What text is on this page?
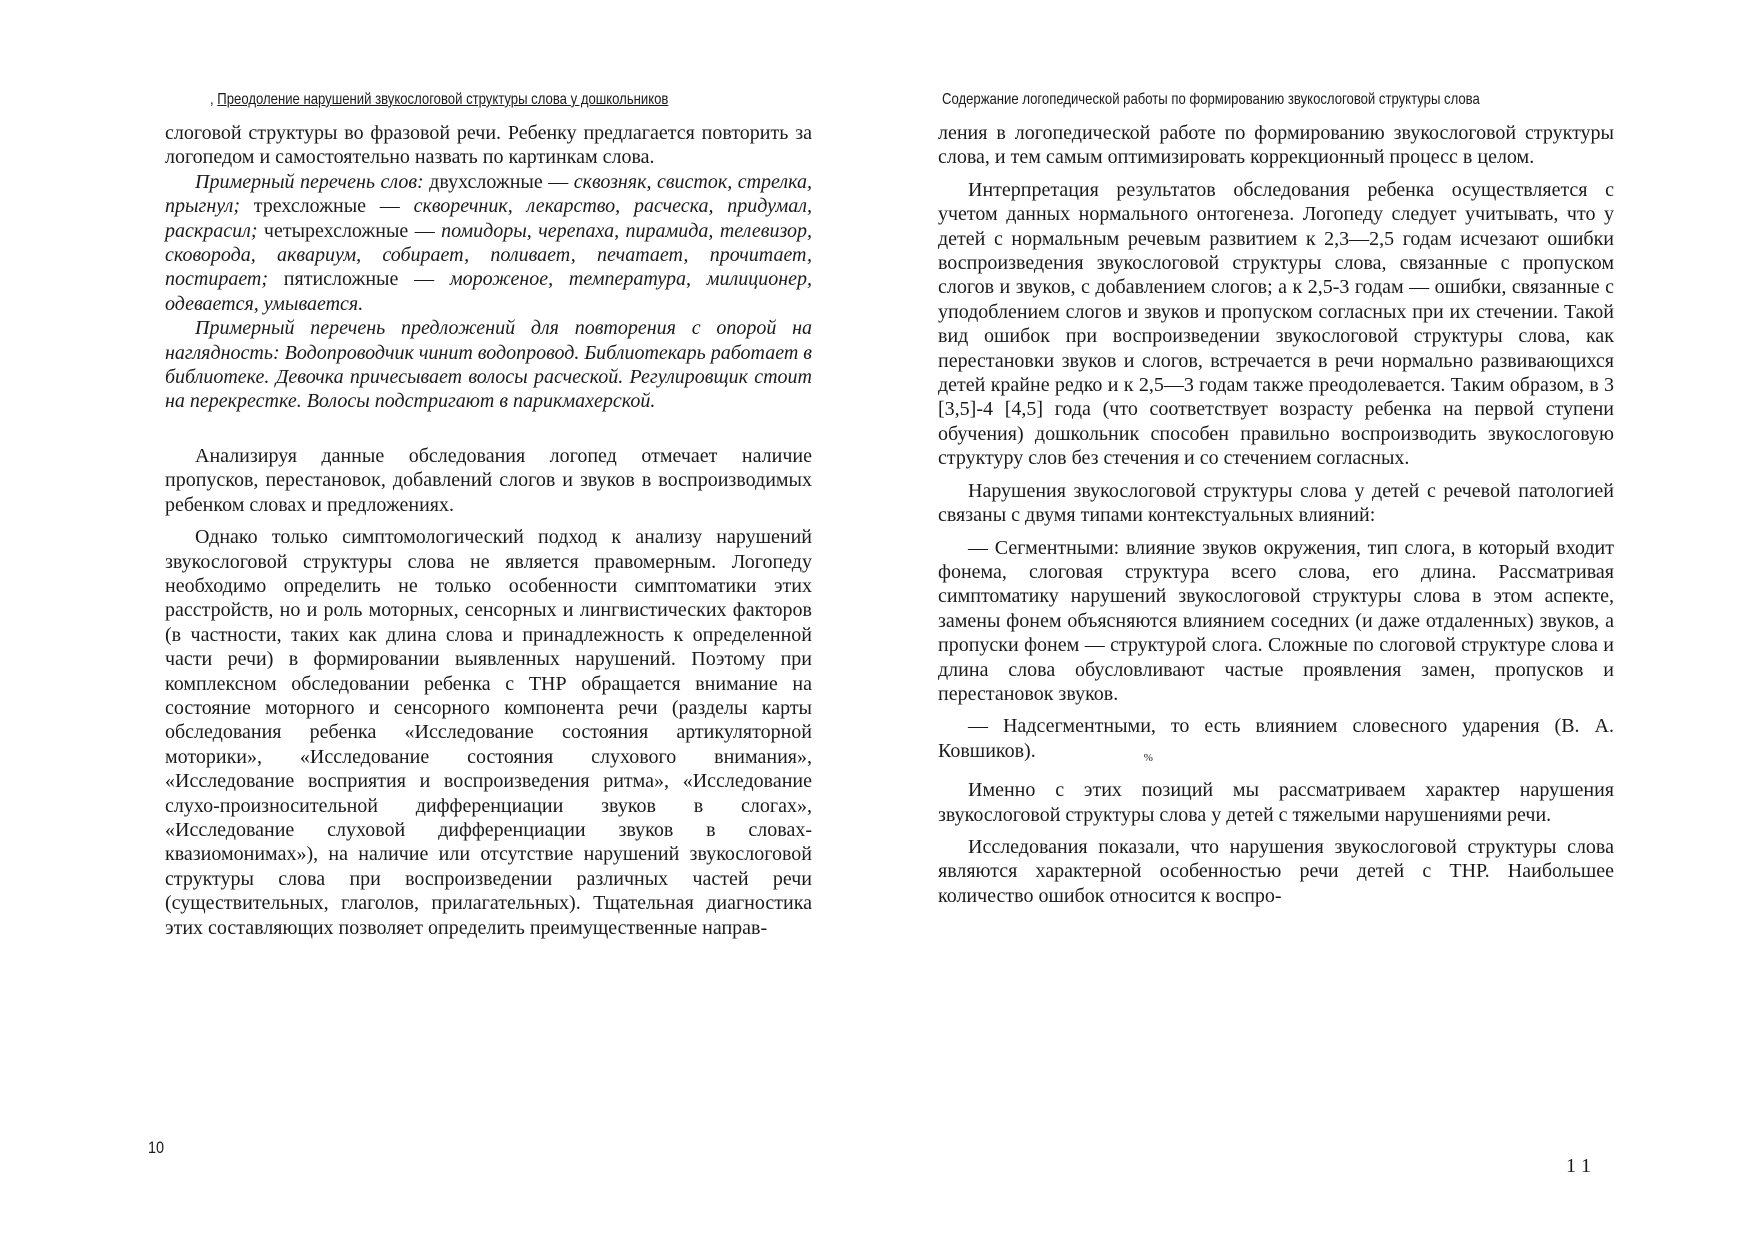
, Преодоление нарушений звукослоговой структуры слова у дошкольников

слоговой структуры во фразовой речи. Ребенку предлагается повторить за логопедом и самостоятельно назвать по картинкам слова.

Примерный перечень слов: двухсложные — сквозняк, свисток, стрелка, прыгнул; трехсложные — скворечник, лекарство, расческа, придумал, раскрасил; четырехсложные — помидоры, черепаха, пирамида, телевизор, сковорода, аквариум, собирает, поливает, печатает, прочитает, постирает; пятисложные — мороженое, температура, милиционер, одевается, умывается.

Примерный перечень предложений для повторения с опорой на наглядность: Водопроводчик чинит водопровод. Библиотекарь работает в библиотеке. Девочка причесывает волосы расческой. Регулировщик стоит на перекрестке. Волосы подстригают в парикмахерской.

Анализируя данные обследования логопед отмечает наличие пропусков, перестановок, добавлений слогов и звуков в воспроизводимых ребенком словах и предложениях.

Однако только симптомологический подход к анализу нарушений звукослоговой структуры слова не является правомерным. Логопеду необходимо определить не только особенности симптоматики этих расстройств, но и роль моторных, сенсорных и лингвистических факторов (в частности, таких как длина слова и принадлежность к определенной части речи) в формировании выявленных нарушений. Поэтому при комплексном обследовании ребенка с ТНР обращается внимание на состояние моторного и сенсорного компонента речи (разделы карты обследования ребенка «Исследование состояния артикуляторной моторики», «Исследование состояния слухового внимания», «Исследование восприятия и воспроизведения ритма», «Исследование слухо-произносительной дифференциации звуков в слогах», «Исследование слуховой дифференциации звуков в словах-квазиомонимах»), на наличие или отсутствие нарушений звукослоговой структуры слова при воспроизведении различных частей речи (существительных, глаголов, прилагательных). Тщательная диагностика этих составляющих позволяет определить преимущественные направ-

10
Содержание логопедической работы по формированию звукослоговой структуры слова

ления в логопедической работе по формированию звукослоговой структуры слова, и тем самым оптимизировать коррекционный процесс в целом.

Интерпретация результатов обследования ребенка осуществляется с учетом данных нормального онтогенеза. Логопеду следует учитывать, что у детей с нормальным речевым развитием к 2,3—2,5 годам исчезают ошибки воспроизведения звукослоговой структуры слова, связанные с пропуском слогов и звуков, с добавлением слогов; а к 2,5-3 годам — ошибки, связанные с уподоблением слогов и звуков и пропуском согласных при их стечении. Такой вид ошибок при воспроизведении звукослоговой структуры слова, как перестановки звуков и слогов, встречается в речи нормально развивающихся детей крайне редко и к 2,5—3 годам также преодолевается. Таким образом, в 3 [3,5]-4 [4,5] года (что соответствует возрасту ребенка на первой ступени обучения) дошкольник способен правильно воспроизводить звукослоговую структуру слов без стечения и со стечением согласных.

Нарушения звукослоговой структуры слова у детей с речевой патологией связаны с двумя типами контекстуальных влияний:

— Сегментными: влияние звуков окружения, тип слога, в который входит фонема, слоговая структура всего слова, его длина. Рассматривая симптоматику нарушений звукослоговой структуры слова в этом аспекте, замены фонем объясняются влиянием соседних (и даже отдаленных) звуков, а пропуски фонем — структурой слога. Сложные по слоговой структуре слова и длина слова обусловливают частые проявления замен, пропусков и перестановок звуков.

— Надсегментными, то есть влиянием словесного ударения (В. А. Ковшиков).	$_{\%}$

Именно с этих позиций мы рассматриваем характер нарушения звукослоговой структуры слова у детей с тяжелыми нарушениями речи.

Исследования показали, что нарушения звукослоговой структуры слова являются характерной особенностью речи детей с ТНР. Наибольшее количество ошибок относится к воспро-

1 1
